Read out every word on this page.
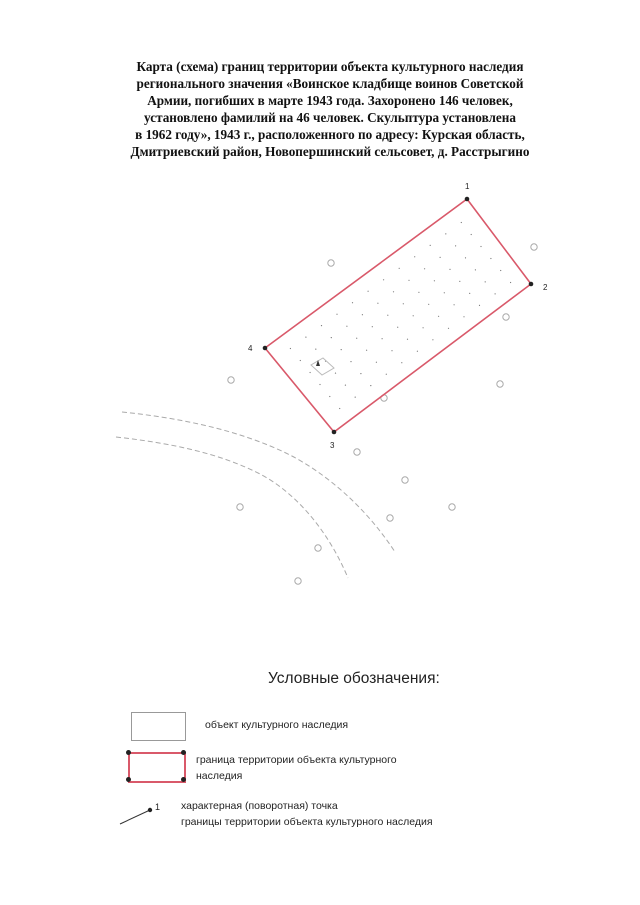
Карта (схема) границ территории объекта культурного наследия
регионального значения «Воинское кладбище воинов Советской
Армии, погибших в марте 1943 года. Захоронено 146 человек,
установлено фамилий на 46 человек. Скульптура установлена
в 1962 году», 1943 г., расположенного по адресу: Курская область,
Дмитриевский район, Новопершинский сельсовет, д. Расстрыгино
1
2
3
4
1
Условные обозначения:
объект культурного наследия
граница территории объекта культурного
наследия
характерная (поворотная) точка
границы территории объекта культурного наследия
